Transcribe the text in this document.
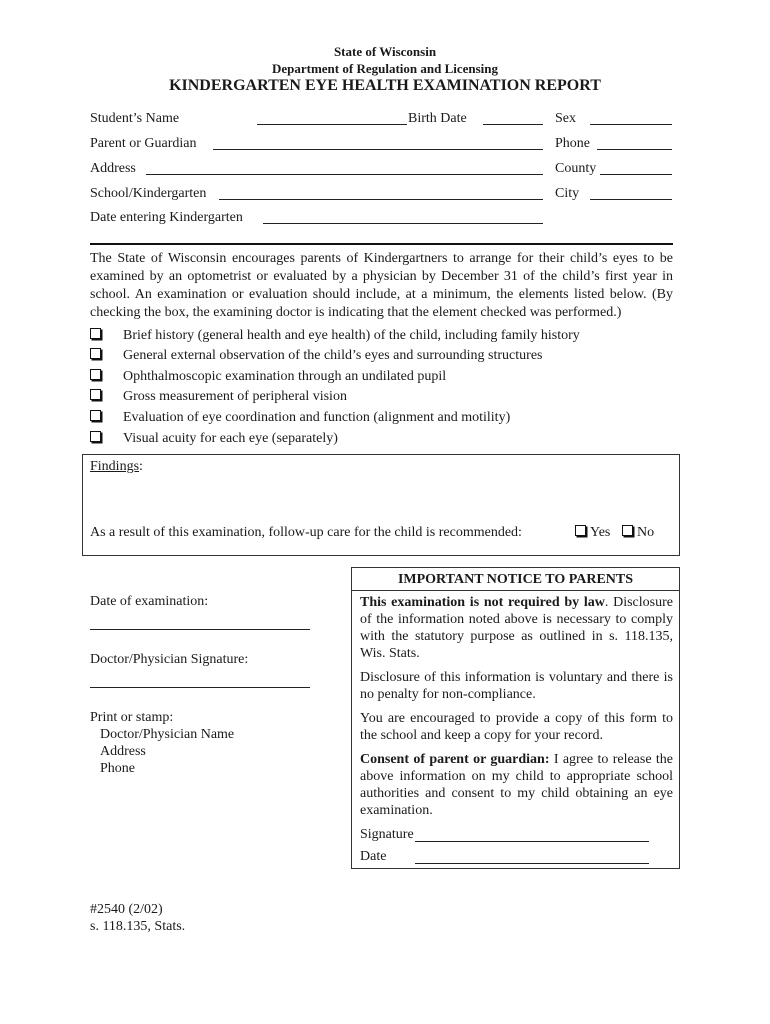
State of Wisconsin
Department of Regulation and Licensing
KINDERGARTEN EYE HEALTH EXAMINATION REPORT
Student’s Name	Birth Date	Sex
Parent or Guardian	Phone
Address	County
School/Kindergarten	City
Date entering Kindergarten
The State of Wisconsin encourages parents of Kindergartners to arrange for their child’s eyes to be examined by an optometrist or evaluated by a physician by December 31 of the child’s first year in school. An examination or evaluation should include, at a minimum, the elements listed below. (By checking the box, the examining doctor is indicating that the element checked was performed.)
Brief history (general health and eye health) of the child, including family history
General external observation of the child’s eyes and surrounding structures
Ophthalmoscopic examination through an undilated pupil
Gross measurement of peripheral vision
Evaluation of eye coordination and function (alignment and motility)
Visual acuity for each eye (separately)
Findings:
As a result of this examination, follow-up care for the child is recommended:	Yes	No
Date of examination:
Doctor/Physician Signature:
Print or stamp:
Doctor/Physician Name
Address
Phone
IMPORTANT NOTICE TO PARENTS
This examination is not required by law. Disclosure of the information noted above is necessary to comply with the statutory purpose as outlined in s. 118.135, Wis. Stats.
Disclosure of this information is voluntary and there is no penalty for non-compliance.
You are encouraged to provide a copy of this form to the school and keep a copy for your record.
Consent of parent or guardian: I agree to release the above information on my child to appropriate school authorities and consent to my child obtaining an eye examination.
Signature
Date
#2540 (2/02)
s. 118.135, Stats.
